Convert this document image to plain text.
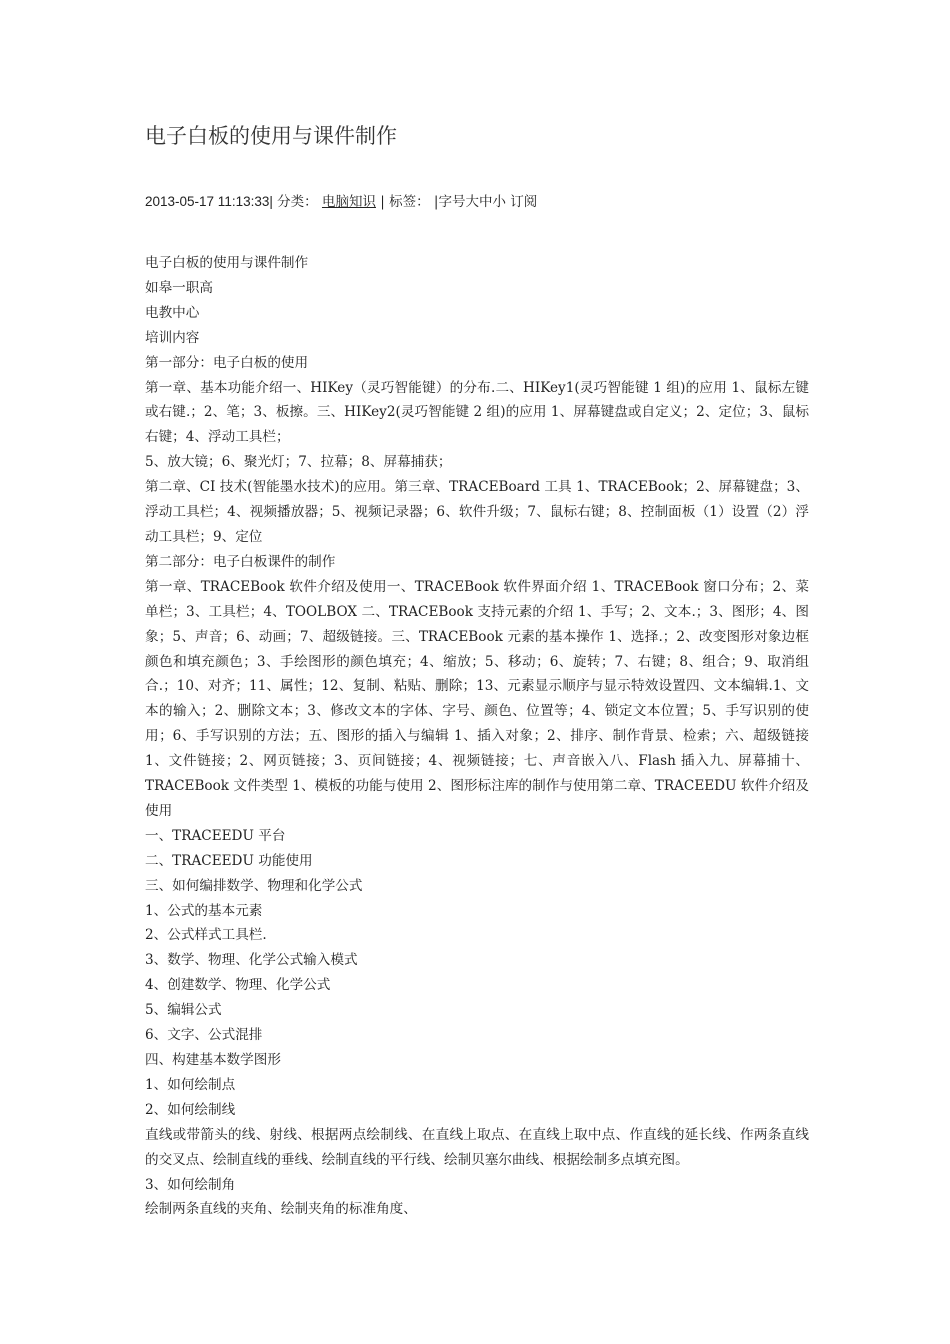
电子白板的使用与课件制作
2013-05-17 11:13:33| 分类： 电脑知识 | 标签： |字号大中小 订阅

电子白板的使用与课件制作

如皋一职高

电教中心

培训内容

第一部分：电子白板的使用

第一章、基本功能介绍一、HIKey（灵巧智能键）的分布.二、HIKey1(灵巧智能键 1 组)的应用 1、鼠标左键或右键.；2、笔；3、板擦。三、HIKey2(灵巧智能键 2 组)的应用 1、屏幕键盘或自定义；2、定位；3、鼠标右键；4、浮动工具栏；

5、放大镜；6、聚光灯；7、拉幕；8、屏幕捕获；

第二章、CI 技术(智能墨水技术)的应用。第三章、TRACEBoard 工具 1、TRACEBook；2、屏幕键盘；3、浮动工具栏；4、视频播放器；5、视频记录器；6、软件升级；7、鼠标右键；8、控制面板（1）设置（2）浮动工具栏；9、定位

第二部分：电子白板课件的制作

第一章、TRACEBook 软件介绍及使用一、TRACEBook 软件界面介绍 1、TRACEBook 窗口分布；2、菜单栏；3、工具栏；4、TOOLBOX 二、TRACEBook 支持元素的介绍 1、手写；2、文本.；3、图形；4、图象；5、声音；6、动画；7、超级链接。三、TRACEBook 元素的基本操作 1、选择.；2、改变图形对象边框颜色和填充颜色；3、手绘图形的颜色填充；4、缩放；5、移动；6、旋转；7、右键；8、组合；9、取消组合.；10、对齐；11、属性；12、复制、粘贴、删除；13、元素显示顺序与显示特效设置四、文本编辑.1、文本的输入；2、删除文本；3、修改文本的字体、字号、颜色、位置等；4、锁定文本位置；5、手写识别的使用；6、手写识别的方法；五、图形的插入与编辑 1、插入对象；2、排序、制作背景、检索；六、超级链接 1、文件链接；2、网页链接；3、页间链接；4、视频链接；七、声音嵌入八、Flash 插入九、屏幕捕十、TRACEBook 文件类型 1、模板的功能与使用 2、图形标注库的制作与使用第二章、TRACEEDU 软件介绍及使用

一、TRACEEDU 平台

二、TRACEEDU 功能使用

三、如何编排数学、物理和化学公式

1、公式的基本元素

2、公式样式工具栏.

3、数学、物理、化学公式输入模式

4、创建数学、物理、化学公式

5、编辑公式

6、文字、公式混排

四、构建基本数学图形

1、如何绘制点

2、如何绘制线

直线或带箭头的线、射线、根据两点绘制线、在直线上取点、在直线上取中点、作直线的延长线、作两条直线的交叉点、绘制直线的垂线、绘制直线的平行线、绘制贝塞尔曲线、根据绘制多点填充图。

3、如何绘制角

绘制两条直线的夹角、绘制夹角的标准角度、
